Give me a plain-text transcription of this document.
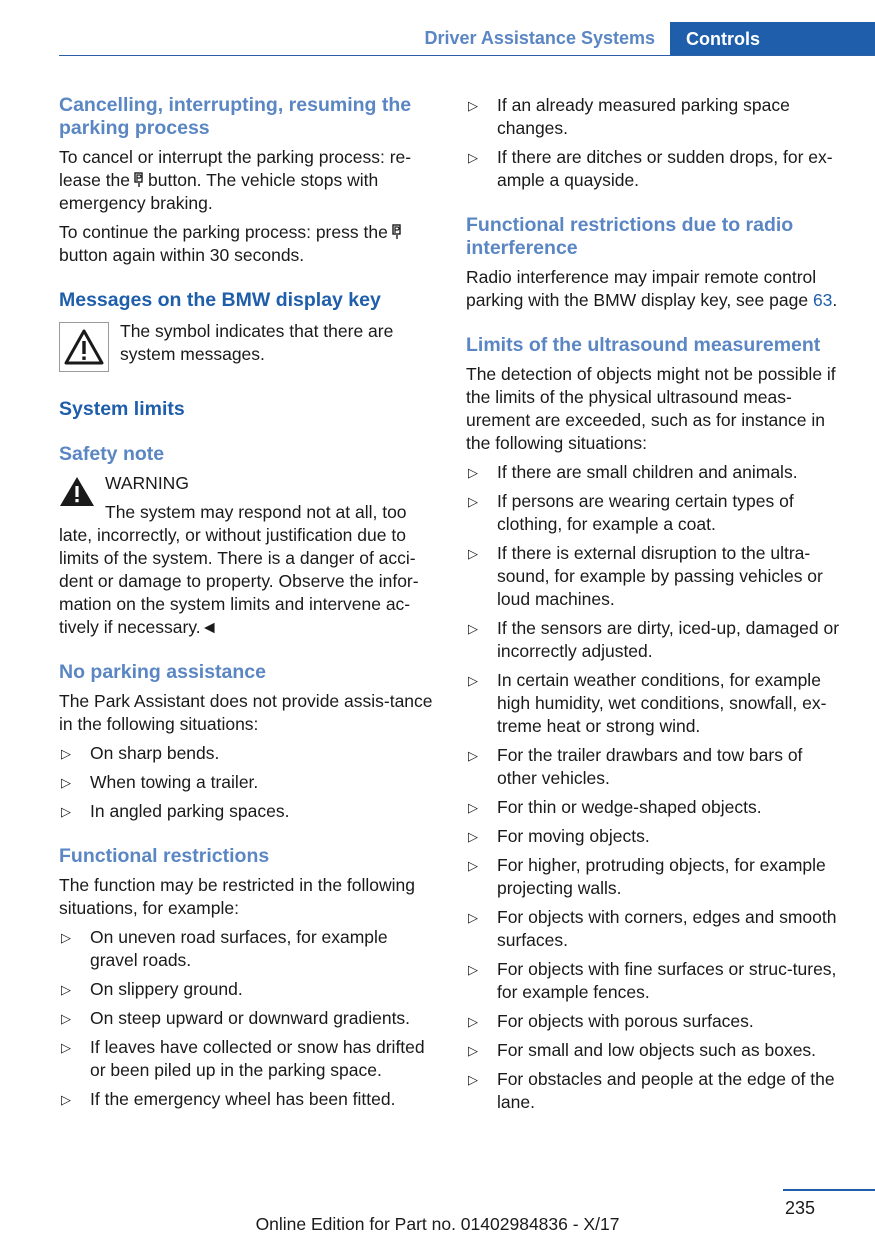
Driver Assistance Systems	Controls
Cancelling, interrupting, resuming the parking process

To cancel or interrupt the parking process: re‐lease the button. The vehicle stops with emergency braking.

To continue the parking process: press thebutton again within 30 seconds.

Messages on the BMW display key

The symbol indicates that there are system messages.

System limits
Safety note
WARNING

The system may respond not at all, too

late, incorrectly, or without justification due to limits of the system. There is a danger of acci‐dent or damage to property. Observe the infor‐mation on the system limits and intervene ac‐tively if necessary.◄

No parking assistance

The Park Assistant does not provide assis‐tance in the following situations:

▷ On sharp bends.
▷ When towing a trailer.
▷ In angled parking spaces.
Functional restrictions

The function may be restricted in the following situations, for example:

▷ On uneven road surfaces, for example gravel roads.
▷ On slippery ground.
▷ On steep upward or downward gradients.
▷ If leaves have collected or snow has drifted or been piled up in the parking space.
▷ If the emergency wheel has been fitted.
▷ If an already measured parking space changes.
▷ If there are ditches or sudden drops, for ex‐ample a quayside.
Functional restrictions due to radio interference

Radio interference may impair remote control parking with the BMW display key, see page 63.

Limits of the ultrasound measurement

The detection of objects might not be possible if the limits of the physical ultrasound meas‐urement are exceeded, such as for instance in the following situations:

▷ If there are small children and animals.
▷ If persons are wearing certain types of clothing, for example a coat.
▷ If there is external disruption to the ultra‐sound, for example by passing vehicles or loud machines.
▷ If the sensors are dirty, iced-up, damaged or incorrectly adjusted.
▷ In certain weather conditions, for example high humidity, wet conditions, snowfall, ex‐treme heat or strong wind.
▷ For the trailer drawbars and tow bars of other vehicles.
▷ For thin or wedge-shaped objects.
▷ For moving objects.
▷ For higher, protruding objects, for example projecting walls.
▷ For objects with corners, edges and smooth surfaces.
▷ For objects with fine surfaces or struc‐tures, for example fences.
▷ For objects with porous surfaces.
▷ For small and low objects such as boxes.
▷ For obstacles and people at the edge of the lane.
235
Online Edition for Part no. 01402984836 - X/17
